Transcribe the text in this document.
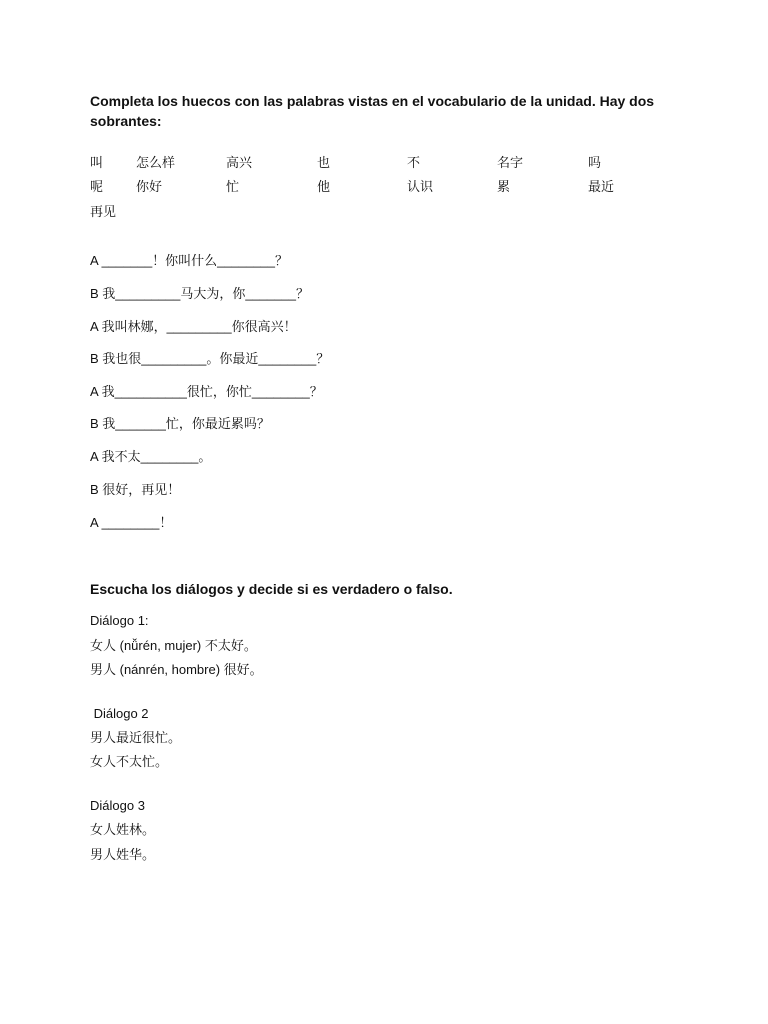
Completa los huecos con las palabras vistas en el vocabulario de la unidad. Hay dos sobrantes:
叫	怎么样	高兴	也	不	名字	吗
呢	你好	忙	他	认识	累	最近
再见
A _______！你叫什么________？
B 我_________马大为，你_______？
A 我叫林娜，_________你很高兴！
B 我也很_________。你最近________？
A 我__________很忙，你忙________？
B 我_______忙，你最近累吗？
A 我不太________。
B 很好，再见！
A ________！
Escucha los diálogos y decide si es verdadero o falso.
Diálogo 1:
女人 (nǚrén, mujer) 不太好。
男人 (nánrén, hombre) 很好。
Diálogo 2
男人最近很忙。
女人不太忙。
Diálogo 3
女人姓林。
男人姓华。
